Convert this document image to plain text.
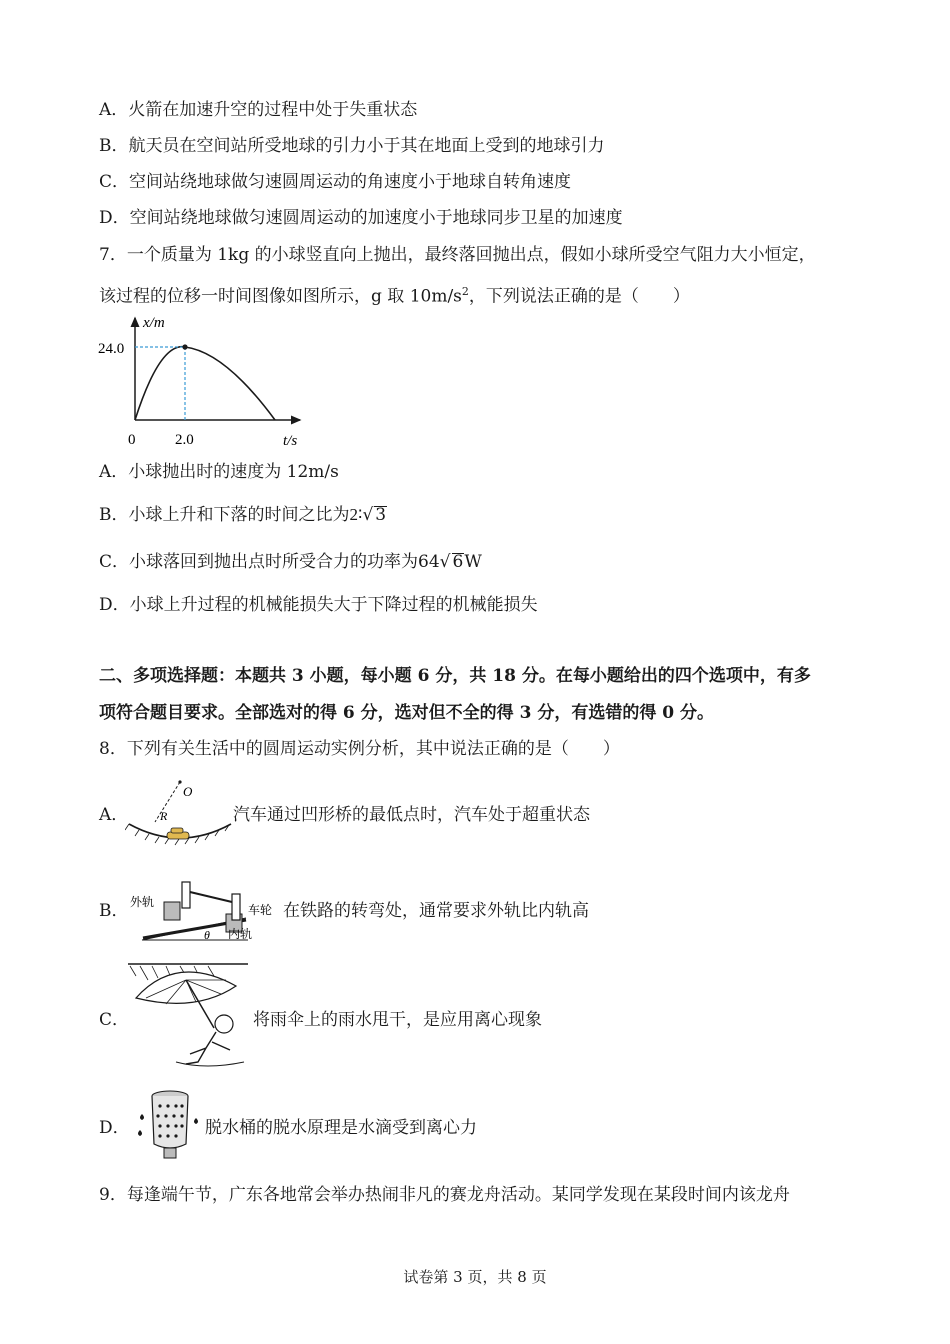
A．火箭在加速升空的过程中处于失重状态
B．航天员在空间站所受地球的引力小于其在地面上受到的地球引力
C．空间站绕地球做匀速圆周运动的角速度小于地球自转角速度
D．空间站绕地球做匀速圆周运动的加速度小于地球同步卫星的加速度
7．一个质量为 1kg 的小球竖直向上抛出，最终落回抛出点，假如小球所受空气阻力大小恒定，
该过程的位移一时间图像如图所示，g 取 $10m/s^2$，下列说法正确的是（　　）
x/m
t/s
0
24.0
2.0
A．小球抛出时的速度为 12m/s
B．小球上升和下落的时间之比为2∶√ 3
C．小球落回到抛出点时所受合力的功率为64√ 6W
D．小球上升过程的机械能损失大于下降过程的机械能损失
二、多项选择题：本题共 3 小题，每小题 6 分，共 18 分。在每小题给出的四个选项中，有多
项符合题目要求。全部选对的得 6 分，选对但不全的得 3 分，有选错的得 0 分。
8．下列有关生活中的圆周运动实例分析，其中说法正确的是（　　）
A．
O
R	汽车通过凹形桥的最低点时，汽车处于超重状态
B． 外轨
车轮
内轨
θ
在铁路的转弯处，通常要求外轨比内轨高
C．	将雨伞上的雨水甩干，是应用离心现象
D．	脱水桶的脱水原理是水滴受到离心力
9．每逢端午节，广东各地常会举办热闹非凡的赛龙舟活动。某同学发现在某段时间内该龙舟
试卷第 3 页，共 8 页
